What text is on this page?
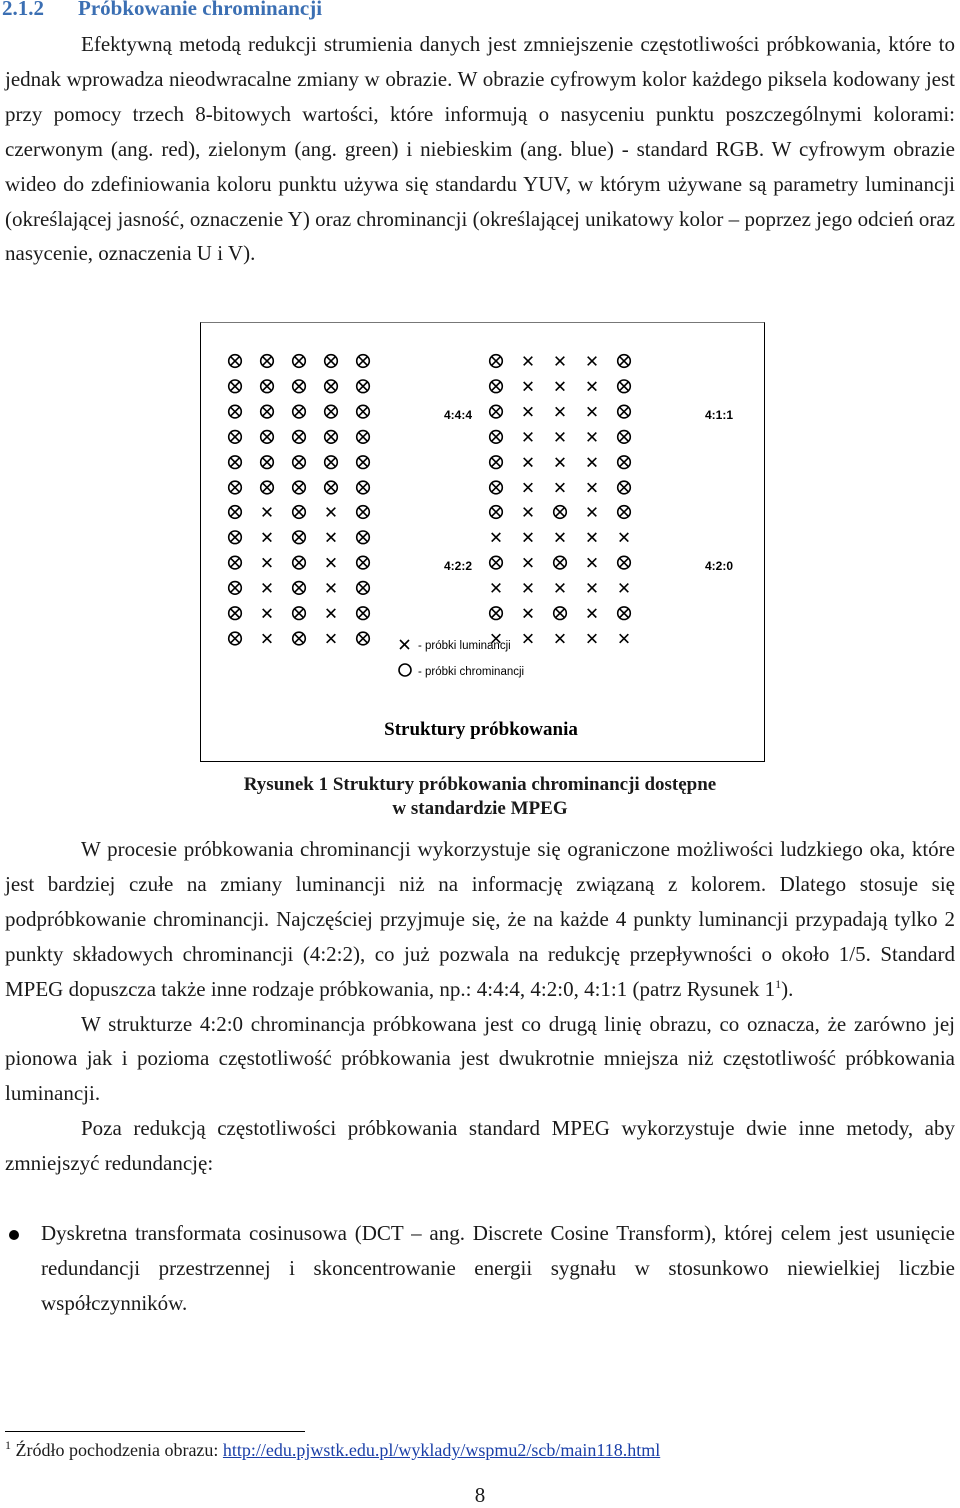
2.1.2 Próbkowanie chrominancji

Efektywną metodą redukcji strumienia danych jest zmniejszenie częstotliwości próbkowania, które to jednak wprowadza nieodwracalne zmiany w obrazie. W obrazie cyfrowym kolor każdego piksela kodowany jest przy pomocy trzech 8-bitowych wartości, które informują o nasyceniu punktu poszczególnymi kolorami: czerwonym (ang. red), zielonym (ang. green) i niebieskim (ang. blue) - standard RGB. W cyfrowym obrazie wideo do zdefiniowania koloru punktu używa się standardu YUV, w którym używane są parametry luminancji (określającej jasność, oznaczenie Y) oraz chrominancji (określającej unikatowy kolor – poprzez jego odcień oraz nasycenie, oznaczenia U i V).

4:4:4	4:1:1
4:2:2	4:2:0
- próbki luminancji
- próbki chrominancji
Struktury próbkowania
Rysunek 1 Struktury próbkowania chrominancji dostępne
w standardzie MPEG

W procesie próbkowania chrominancji wykorzystuje się ograniczone możliwości ludzkiego oka, które jest bardziej czułe na zmiany luminancji niż na informację związaną z kolorem. Dlatego stosuje się podpróbkowanie chrominancji. Najczęściej przyjmuje się, że na każde 4 punkty luminancji przypadają tylko 2 punkty składowych chrominancji (4:2:2), co już pozwala na redukcję przepływności o około 1/5. Standard MPEG dopuszcza także inne rodzaje próbkowania, np.: 4:4:4, 4:2:0, 4:1:1 (patrz Rysunek $1^1$).

W strukturze 4:2:0 chrominancja próbkowana jest co drugą linię obrazu, co oznacza, że zarówno jej pionowa jak i pozioma częstotliwość próbkowania jest dwukrotnie mniejsza niż częstotliwość próbkowania luminancji.

Poza redukcją częstotliwości próbkowania standard MPEG wykorzystuje dwie inne metody, aby zmniejszyć redundancję:

Dyskretna transformata cosinusowa (DCT – ang. Discrete Cosine Transform), której celem jest usunięcie redundancji przestrzennej i skoncentrowanie energii sygnału w stosunkowo niewielkiej liczbie współczynników.
$^1$ Źródło pochodzenia obrazu: http://edu.pjwstk.edu.pl/wyklady/wspmu2/scb/main118.html
8
